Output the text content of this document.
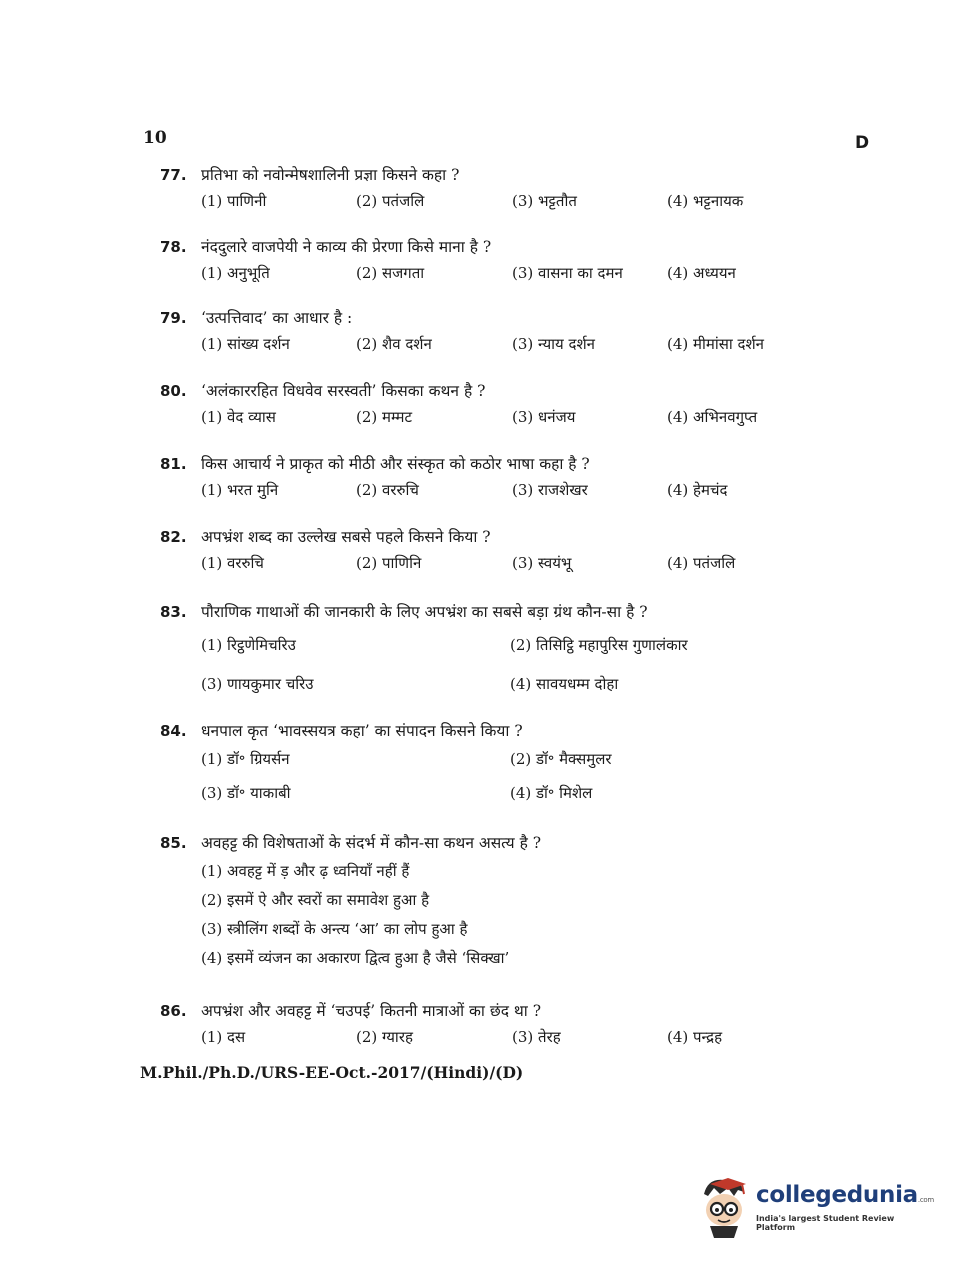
10	D
77. प्रतिभा को नवोन्मेषशालिनी प्रज्ञा किसने कहा ?
(1) पाणिनी	(2) पतंजलि	(3) भट्टतौत	(4) भट्टनायक
78. नंददुलारे वाजपेयी ने काव्य की प्रेरणा किसे माना है ?
(1) अनुभूति	(2) सजगता	(3) वासना का दमन	(4) अध्ययन
79. ‘उत्पत्तिवाद’ का आधार है :
(1) सांख्य दर्शन	(2) शैव दर्शन	(3) न्याय दर्शन	(4) मीमांसा दर्शन
80. ‘अलंकाररहित विधवेव सरस्वती’ किसका कथन है ?
(1) वेद व्यास	(2) मम्मट	(3) धनंजय	(4) अभिनवगुप्त
81. किस आचार्य ने प्राकृत को मीठी और संस्कृत को कठोर भाषा कहा है ?
(1) भरत मुनि	(2) वररुचि	(3) राजशेखर	(4) हेमचंद
82. अपभ्रंश शब्द का उल्लेख सबसे पहले किसने किया ?
(1) वररुचि	(2) पाणिनि	(3) स्वयंभू	(4) पतंजलि
83. पौराणिक गाथाओं की जानकारी के लिए अपभ्रंश का सबसे बड़ा ग्रंथ कौन-सा है ?
(1) रिट्ठणेमिचरिउ	(2) तिसिट्ठि महापुरिस गुणालंकार
(3) णायकुमार चरिउ	(4) सावयधम्म दोहा
84. धनपाल कृत ‘भावस्सयत्र कहा’ का संपादन किसने किया ?
(1) डॉ॰ ग्रियर्सन	(2) डॉ॰ मैक्समुलर
(3) डॉ॰ याकाबी	(4) डॉ॰ मिशेल
85. अवहट्ट की विशेषताओं के संदर्भ में कौन-सा कथन असत्य है ?
(1) अवहट्ट में ड़ और ढ़ ध्वनियाँ नहीं हैं
(2) इसमें ऐ और स्वरों का समावेश हुआ है
(3) स्त्रीलिंग शब्दों के अन्त्य ‘आ’ का लोप हुआ है
(4) इसमें व्यंजन का अकारण द्वित्व हुआ है जैसे ‘सिक्खा’
86. अपभ्रंश और अवहट्ट में ‘चउपई’ कितनी मात्राओं का छंद था ?
(1) दस	(2) ग्यारह	(3) तेरह	(4) पन्द्रह
M.Phil./Ph.D./URS-EE-Oct.-2017/(Hindi)/(D)
collegedunia.com
India's largest Student Review Platform
